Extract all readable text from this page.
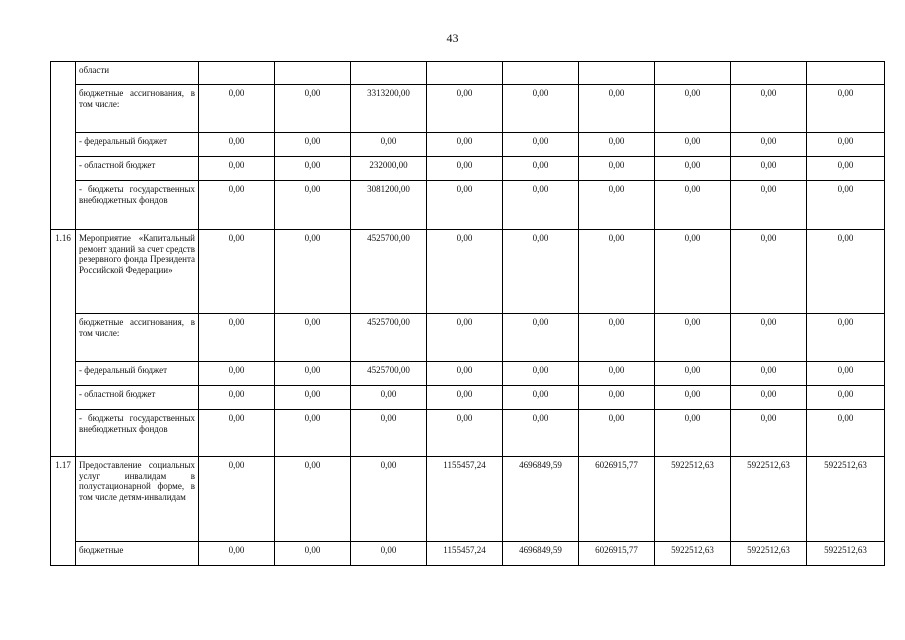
43
	области									
	бюджетные ассигнования, в том числе:	0,00	0,00	3313200,00	0,00	0,00	0,00	0,00	0,00	0,00
	- федеральный бюджет	0,00	0,00	0,00	0,00	0,00	0,00	0,00	0,00	0,00
	- областной бюджет	0,00	0,00	232000,00	0,00	0,00	0,00	0,00	0,00	0,00
	- бюджеты государственных внебюджетных фондов	0,00	0,00	3081200,00	0,00	0,00	0,00	0,00	0,00	0,00
1.16	Мероприятие «Капитальный ремонт зданий за счет средств резервного фонда Президента Российской Федерации»	0,00	0,00	4525700,00	0,00	0,00	0,00	0,00	0,00	0,00
	бюджетные ассигнования, в том числе:	0,00	0,00	4525700,00	0,00	0,00	0,00	0,00	0,00	0,00
	- федеральный бюджет	0,00	0,00	4525700,00	0,00	0,00	0,00	0,00	0,00	0,00
	- областной бюджет	0,00	0,00	0,00	0,00	0,00	0,00	0,00	0,00	0,00
	- бюджеты государственных внебюджетных фондов	0,00	0,00	0,00	0,00	0,00	0,00	0,00	0,00	0,00
1.17	Предоставление социальных услуг инвалидам в полустационарной форме, в том числе детям-инвалидам	0,00	0,00	0,00	1155457,24	4696849,59	6026915,77	5922512,63	5922512,63	5922512,63
	бюджетные	0,00	0,00	0,00	1155457,24	4696849,59	6026915,77	5922512,63	5922512,63	5922512,63
